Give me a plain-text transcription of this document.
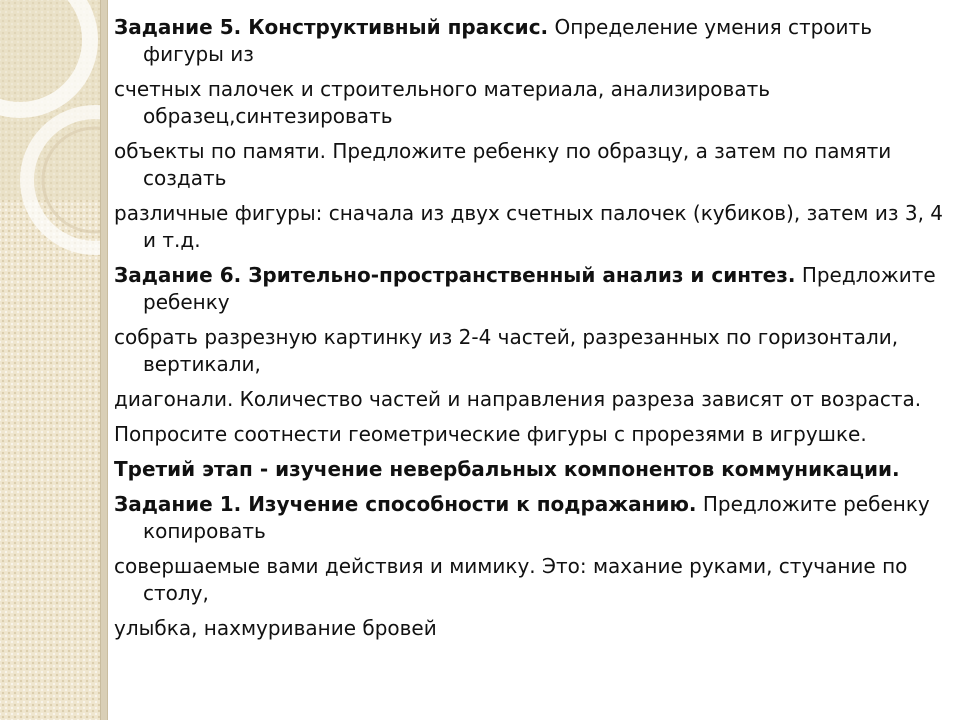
Задание 5. Конструктивный праксис. Определение умения строить фигуры из

счетных палочек и строительного материала, анализировать образец,синтезировать

объекты по памяти. Предложите ребенку по образцу, а затем по памяти создать

различные фигуры: сначала из двух счетных палочек (кубиков), затем из 3, 4 и т.д.

Задание 6. Зрительно-пространственный анализ и синтез. Предложите ребенку

собрать разрезную картинку из 2-4 частей, разрезанных по горизонтали, вертикали,

диагонали. Количество частей и направления разреза зависят от возраста.

Попросите соотнести геометрические фигуры с прорезями в игрушке.

Третий этап - изучение невербальных компонентов коммуникации.

Задание 1. Изучение способности к подражанию. Предложите ребенку копировать

совершаемые вами действия и мимику. Это: махание руками, стучание по столу,

улыбка, нахмуривание бровей
